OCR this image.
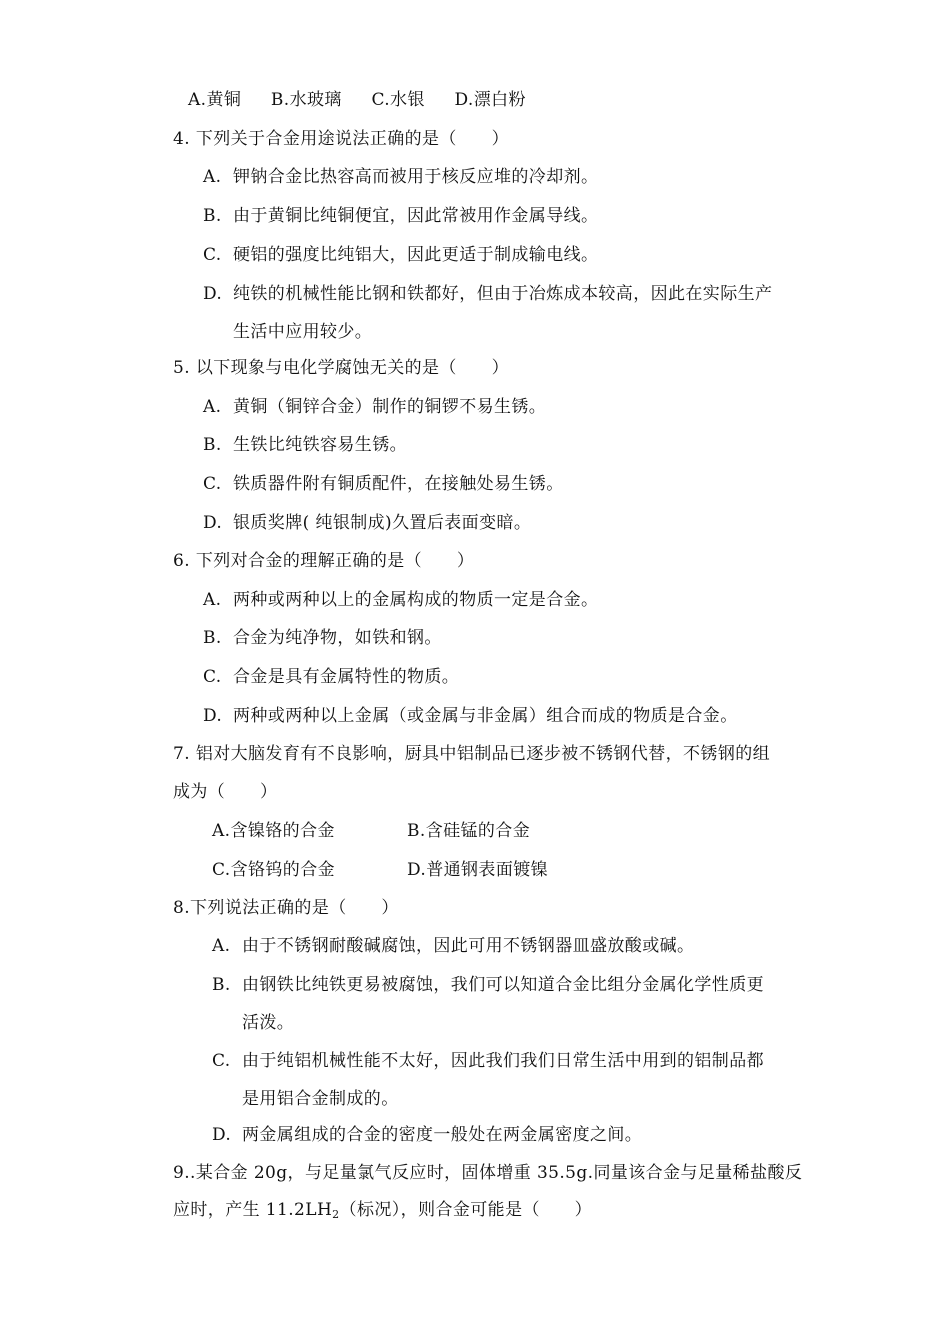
A.黄铜 B.水玻璃 C.水银 D.漂白粉
4. 下列关于合金用途说法正确的是（　　）
A. 钾钠合金比热容高而被用于核反应堆的冷却剂。
B. 由于黄铜比纯铜便宜，因此常被用作金属导线。
C. 硬铝的强度比纯铝大，因此更适于制成输电线。
D. 纯铁的机械性能比钢和铁都好，但由于冶炼成本较高，因此在实际生产
生活中应用较少。
5. 以下现象与电化学腐蚀无关的是（　　）
A. 黄铜（铜锌合金）制作的铜锣不易生锈。
B. 生铁比纯铁容易生锈。
C. 铁质器件附有铜质配件，在接触处易生锈。
D. 银质奖牌( 纯银制成)久置后表面变暗。
6. 下列对合金的理解正确的是（　　）
A. 两种或两种以上的金属构成的物质一定是合金。
B. 合金为纯净物，如铁和钢。
C. 合金是具有金属特性的物质。
D. 两种或两种以上金属（或金属与非金属）组合而成的物质是合金。
7. 铝对大脑发育有不良影响，厨具中铝制品已逐步被不锈钢代替，不锈钢的组
成为（　　）
A.含镍铬的合金	B.含硅锰的合金
C.含铬钨的合金	D.普通钢表面镀镍
8.下列说法正确的是（　　）
A. 由于不锈钢耐酸碱腐蚀，因此可用不锈钢器皿盛放酸或碱。
B. 由钢铁比纯铁更易被腐蚀，我们可以知道合金比组分金属化学性质更
活泼。
C. 由于纯铝机械性能不太好，因此我们我们日常生活中用到的铝制品都
是用铝合金制成的。
D. 两金属组成的合金的密度一般处在两金属密度之间。
9..某合金 20g，与足量氯气反应时，固体增重 35.5g.同量该合金与足量稀盐酸反
应时，产生 $11.2LH_2$（标况），则合金可能是（　　）
